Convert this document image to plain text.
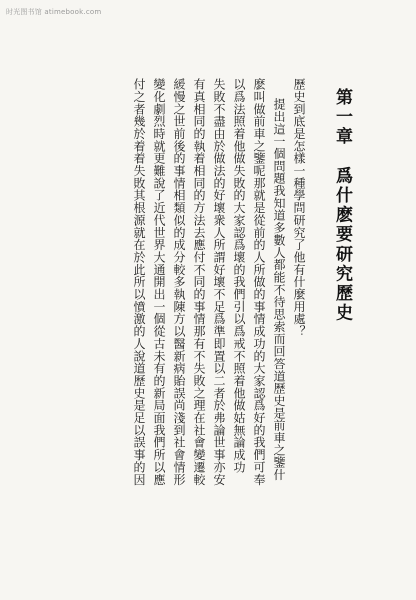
时光图书馆 atimebook.com
第一章　爲什麽要研究歷史
歷史到底是怎樣一種學問研究了他有什麼用處？
提出這一個問題我知道多數人都能不待思索而回答道歷史是前車之鑒什
麽叫做前車之鑒呢那就是從前的人所做的事情成功的大家認爲好的我們可奉
以爲法照着他做失敗的大家認爲壞的我們引以爲戒不照着他做姑無論成功
失敗不盡由於做法的好壞衆人所謂好壞不足爲準即置以二者於弗論世事亦安
有真相同的執着相同的方法去應付不同的事情那有不失敗之理在社會變遷較
緩慢之世前後的事情相類似的成分較多執陳方以醫新病貽誤尚淺到社會情形
變化劇烈時就更難說了近代世界大通開出一個從古未有的新局面我們所以應
付之者幾於着着失敗其根源就在於此所以憤激的人說道歷史是足以誤事的因
